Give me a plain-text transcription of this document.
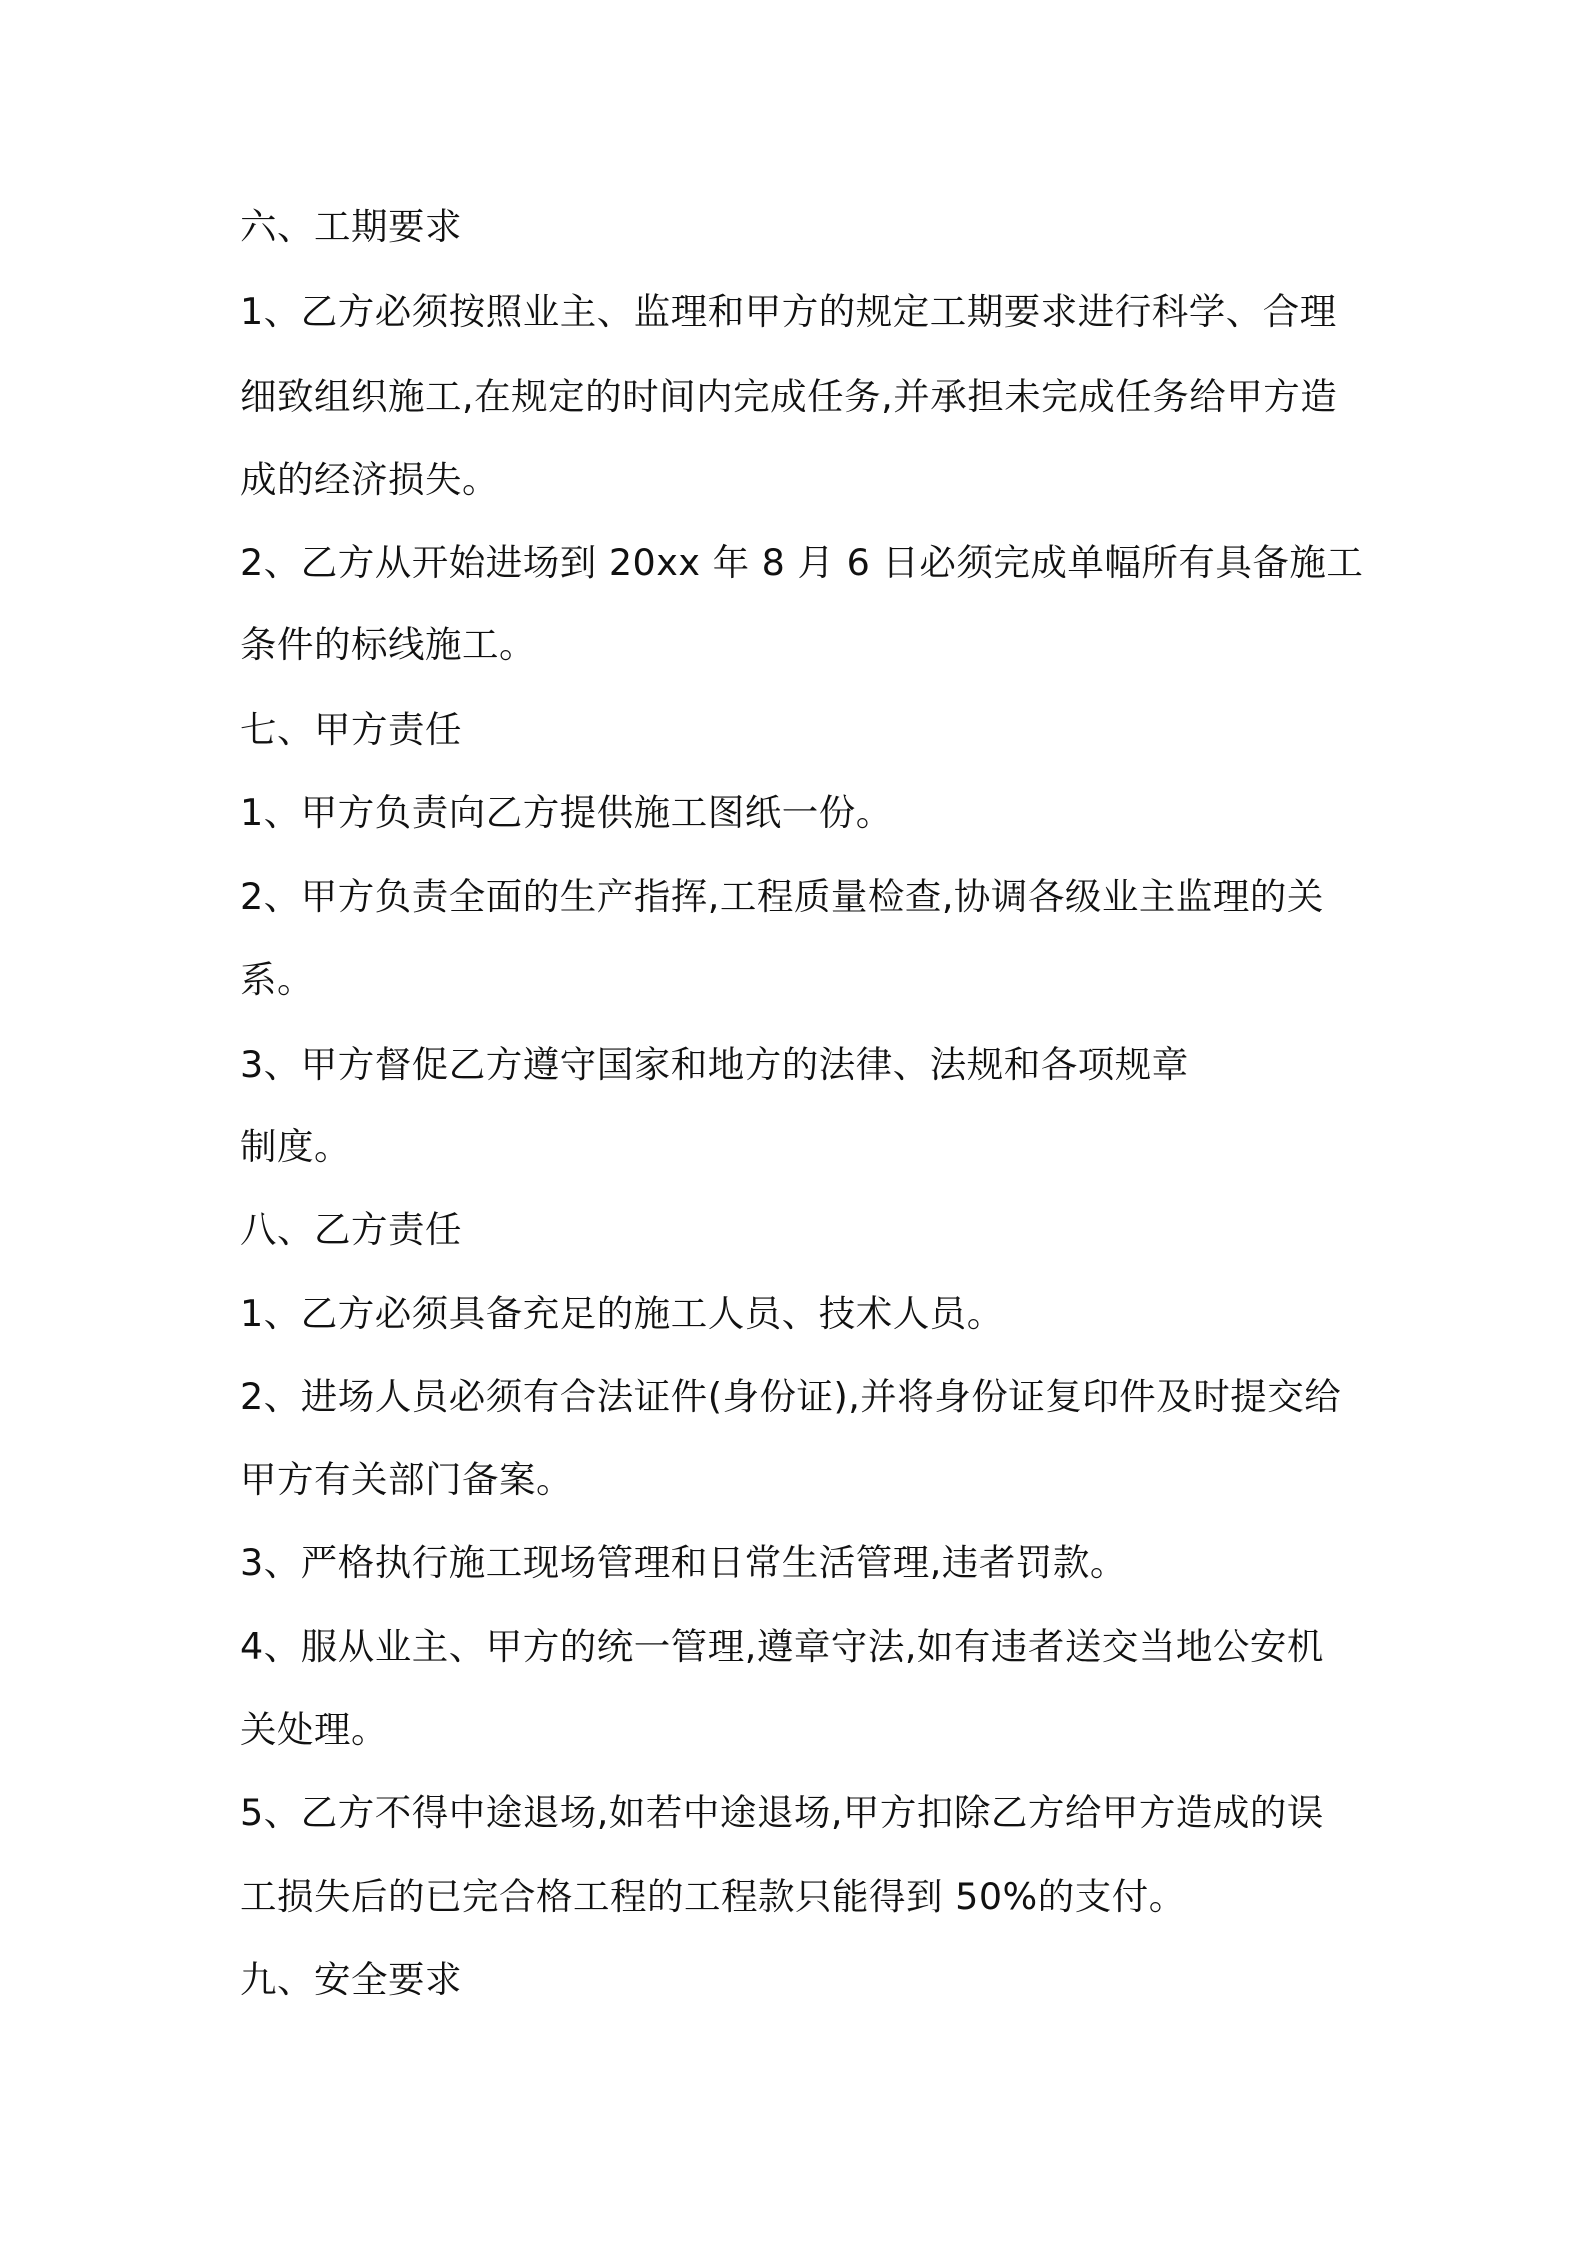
六、工期要求
1、乙方必须按照业主、监理和甲方的规定工期要求进行科学、合理
细致组织施工,在规定的时间内完成任务,并承担未完成任务给甲方造
成的经济损失。
2、乙方从开始进场到 20xx 年 8 月 6 日必须完成单幅所有具备施工
条件的标线施工。
七、甲方责任
1、甲方负责向乙方提供施工图纸一份。
2、甲方负责全面的生产指挥,工程质量检查,协调各级业主监理的关
系。
3、甲方督促乙方遵守国家和地方的法律、法规和各项规章
制度。
八、乙方责任
1、乙方必须具备充足的施工人员、技术人员。
2、进场人员必须有合法证件(身份证),并将身份证复印件及时提交给
甲方有关部门备案。
3、严格执行施工现场管理和日常生活管理,违者罚款。
4、服从业主、甲方的统一管理,遵章守法,如有违者送交当地公安机
关处理。
5、乙方不得中途退场,如若中途退场,甲方扣除乙方给甲方造成的误
工损失后的已完合格工程的工程款只能得到 50%的支付。
九、安全要求
